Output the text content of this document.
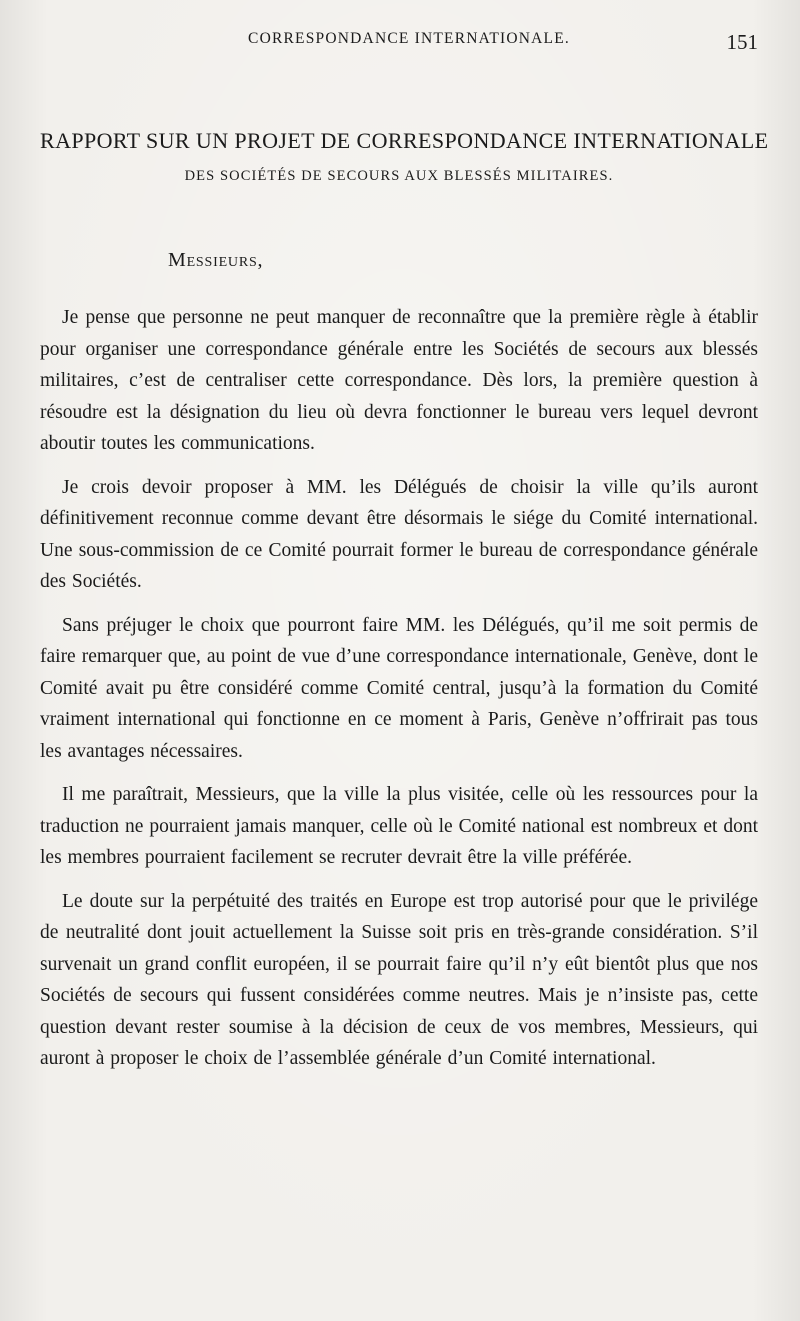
CORRESPONDANCE INTERNATIONALE.	151
RAPPORT SUR UN PROJET DE CORRESPONDANCE INTERNATIONALE
DES SOCIÉTÉS DE SECOURS AUX BLESSÉS MILITAIRES.
Messieurs,

Je pense que personne ne peut manquer de reconnaître que la première règle à établir pour organiser une correspondance générale entre les Sociétés de secours aux blessés militaires, c’est de centraliser cette correspondance. Dès lors, la première question à résoudre est la désignation du lieu où devra fonctionner le bureau vers lequel devront aboutir toutes les communications.

Je crois devoir proposer à MM. les Délégués de choisir la ville qu’ils auront définitivement reconnue comme devant être désormais le siége du Comité international. Une sous-commission de ce Comité pourrait former le bureau de correspondance générale des Sociétés.

Sans préjuger le choix que pourront faire MM. les Délégués, qu’il me soit permis de faire remarquer que, au point de vue d’une correspondance internationale, Genève, dont le Comité avait pu être considéré comme Comité central, jusqu’à la formation du Comité vraiment international qui fonctionne en ce moment à Paris, Genève n’offrirait pas tous les avantages nécessaires.

Il me paraîtrait, Messieurs, que la ville la plus visitée, celle où les ressources pour la traduction ne pourraient jamais manquer, celle où le Comité national est nombreux et dont les membres pourraient facilement se recruter devrait être la ville préférée.

Le doute sur la perpétuité des traités en Europe est trop autorisé pour que le privilége de neutralité dont jouit actuellement la Suisse soit pris en très-grande considération. S’il survenait un grand conflit européen, il se pourrait faire qu’il n’y eût bientôt plus que nos Sociétés de secours qui fussent considérées comme neutres. Mais je n’insiste pas, cette question devant rester soumise à la décision de ceux de vos membres, Messieurs, qui auront à proposer le choix de l’assemblée générale d’un Comité international.
